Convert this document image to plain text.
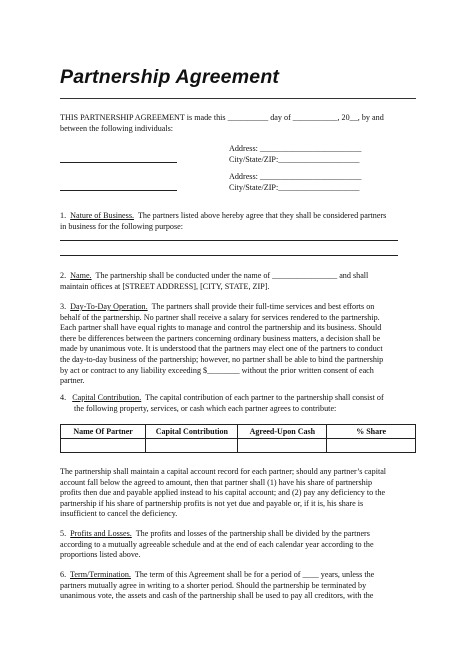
Partnership Agreement
THIS PARTNERSHIP AGREEMENT is made this __________ day of ___________, 20__, by and
between the following individuals:
Address: _________________________
City/State/ZIP:____________________
Address: _________________________
City/State/ZIP:____________________
1. Nature of Business. The partners listed above hereby agree that they shall be considered partners
in business for the following purpose:
2. Name. The partnership shall be conducted under the name of ________________ and shall
maintain offices at [STREET ADDRESS], [CITY, STATE, ZIP].
3. Day-To-Day Operation. The partners shall provide their full-time services and best efforts on
behalf of the partnership. No partner shall receive a salary for services rendered to the partnership.
Each partner shall have equal rights to manage and control the partnership and its business. Should
there be differences between the partners concerning ordinary business matters, a decision shall be
made by unanimous vote. It is understood that the partners may elect one of the partners to conduct
the day-to-day business of the partnership; however, no partner shall be able to bind the partnership
by act or contract to any liability exceeding $________ without the prior written consent of each
partner.
4. Capital Contribution. The capital contribution of each partner to the partnership shall consist of
the following property, services, or cash which each partner agrees to contribute:
Name Of Partner	Capital Contribution	Agreed-Upon Cash	% Share

The partnership shall maintain a capital account record for each partner; should any partner’s capital
account fall below the agreed to amount, then that partner shall (1) have his share of partnership
profits then due and payable applied instead to his capital account; and (2) pay any deficiency to the
partnership if his share of partnership profits is not yet due and payable or, if it is, his share is
insufficient to cancel the deficiency.
5. Profits and Losses. The profits and losses of the partnership shall be divided by the partners
according to a mutually agreeable schedule and at the end of each calendar year according to the
proportions listed above.
6. Term/Termination. The term of this Agreement shall be for a period of ____ years, unless the
partners mutually agree in writing to a shorter period. Should the partnership be terminated by
unanimous vote, the assets and cash of the partnership shall be used to pay all creditors, with the
